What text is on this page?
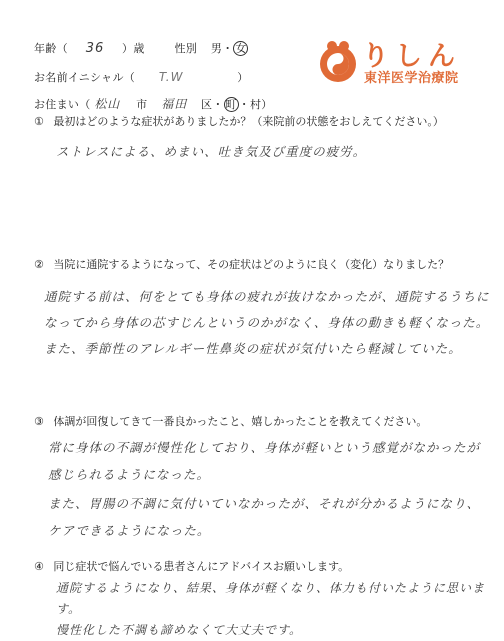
年齢（ 36 ）歳	性別 男・ 女
お名前イニシャル（ T.W	）
お住まい（ 松山 市 福田 区・ 町 ・村）
りしん
東洋医学治療院
① 最初はどのような症状がありましたか？（来院前の状態をおしえてください。）
ストレスによる、めまい、吐き気及び重度の疲労。
② 当院に通院するようになって、その症状はどのように良く（変化）なりました？
通院する前は、何をとても身体の疲れが抜けなかったが、通院するうちに
なってから身体の芯すじんというのかがなく、身体の動きも軽くなった。
また、季節性のアレルギー性鼻炎の症状が気付いたら軽減していた。
③ 体調が回復してきて一番良かったこと、嬉しかったことを教えてください。
常に身体の不調が慢性化しており、身体が軽いという感覚がなかったが
感じられるようになった。
また、胃腸の不調に気付いていなかったが、それが分かるようになり、
ケアできるようになった。
④ 同じ症状で悩んでいる患者さんにアドバイスお願いします。
通院するようになり、結果、身体が軽くなり、体力も付いたように思います。
慢性化した不調も諦めなくて大丈夫です。
